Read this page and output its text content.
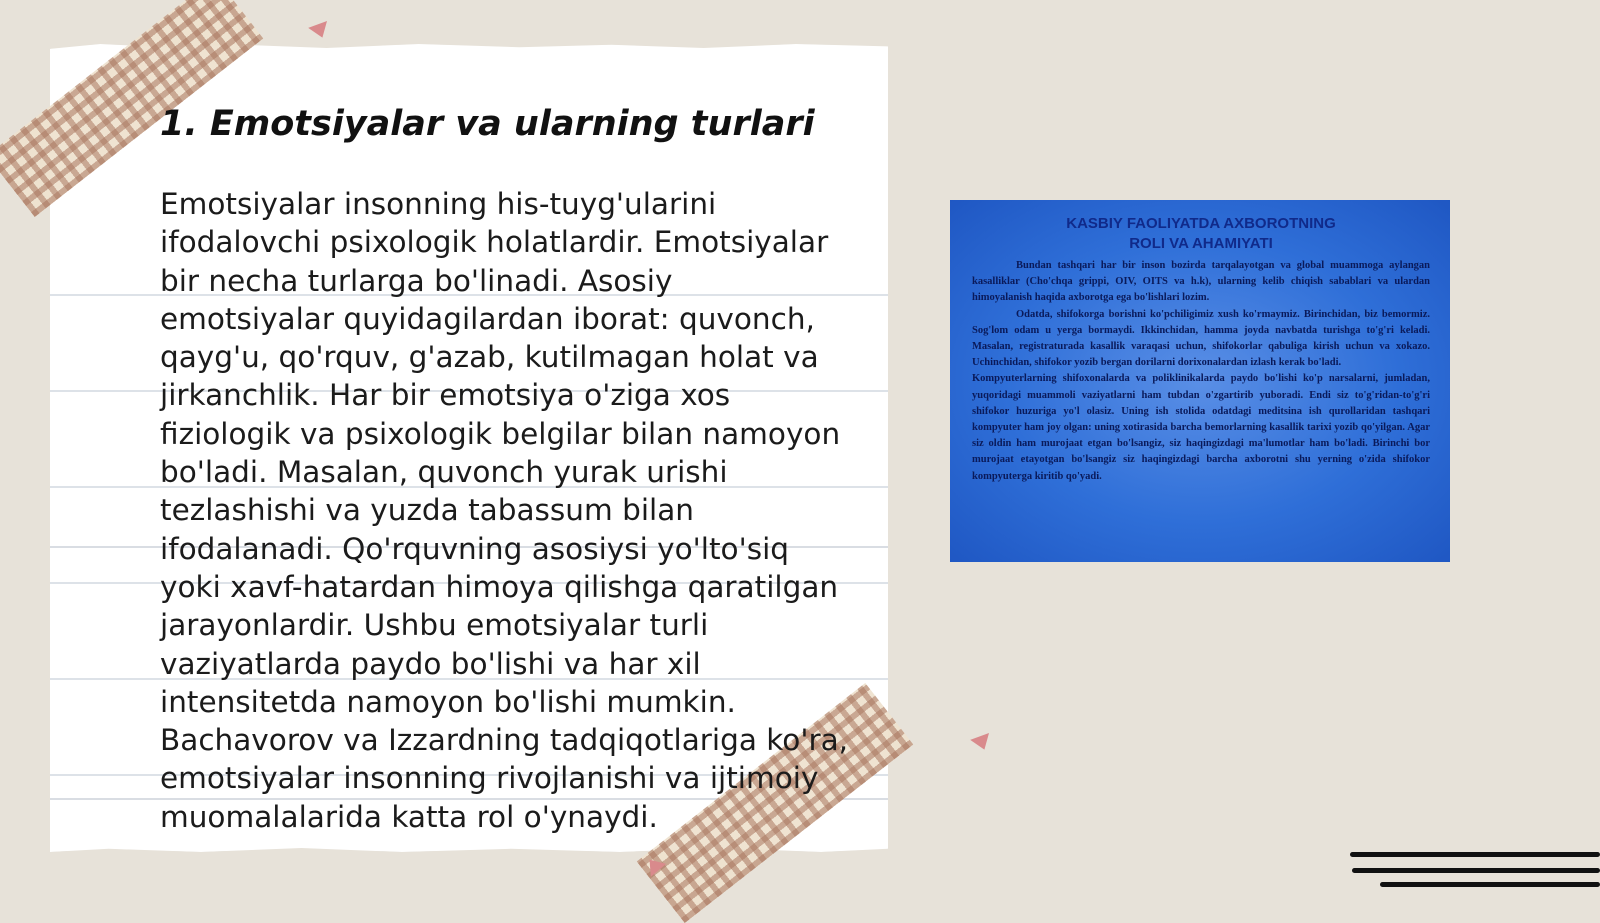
1. Emotsiyalar va ularning turlari

Emotsiyalar insonning his-tuyg'ularini ifodalovchi psixologik holatlardir. Emotsiyalar bir necha turlarga bo'linadi. Asosiy emotsiyalar quyidagilardan iborat: quvonch, qayg'u, qo'rquv, g'azab, kutilmagan holat va jirkanchlik. Har bir emotsiya o'ziga xos fiziologik va psixologik belgilar bilan namoyon bo'ladi. Masalan, quvonch yurak urishi tezlashishi va yuzda tabassum bilan ifodalanadi. Qo'rquvning asosiysi yo'lto'siq yoki xavf-hatardan himoya qilishga qaratilgan jarayonlardir. Ushbu emotsiyalar turli vaziyatlarda paydo bo'lishi va har xil intensitetda namoyon bo'lishi mumkin. Bachavorov va Izzardning tadqiqotlariga ko'ra, emotsiyalar insonning rivojlanishi va ijtimoiy muomalalarida katta rol o'ynaydi.

KASBIY FAOLIYATDA AXBOROTNING
ROLI VA AHAMIYATI

Bundan tashqari har bir inson bozirda tarqalayotgan va global muammoga aylangan kasalliklar (Cho'chqa grippi, OIV, OITS va h.k), ularning kelib chiqish sabablari va ulardan himoyalanish haqida axborotga ega bo'lishlari lozim.

Odatda, shifokorga borishni ko'pchiligimiz xush ko'rmaymiz. Birinchidan, biz bemormiz. Sog'lom odam u yerga bormaydi. Ikkinchidan, hamma joyda navbatda turishga to'g'ri keladi. Masalan, registraturada kasallik varaqasi uchun, shifokorlar qabuliga kirish uchun va xokazo. Uchinchidan, shifokor yozib bergan dorilarni dorixonalardan izlash kerak bo'ladi.

Kompyuterlarning shifoxonalarda va poliklinikalarda paydo bo'lishi ko'p narsalarni, jumladan, yuqoridagi muammoli vaziyatlarni ham tubdan o'zgartirib yuboradi. Endi siz to'g'ridan-to'g'ri shifokor huzuriga yo'l olasiz. Uning ish stolida odatdagi meditsina ish qurollaridan tashqari kompyuter ham joy olgan: uning xotirasida barcha bemorlarning kasallik tarixi yozib qo'yilgan. Agar siz oldin ham murojaat etgan bo'lsangiz, siz haqingizdagi ma'lumotlar ham bo'ladi. Birinchi bor murojaat etayotgan bo'lsangiz siz haqingizdagi barcha axborotni shu yerning o'zida shifokor kompyuterga kiritib qo'yadi.
